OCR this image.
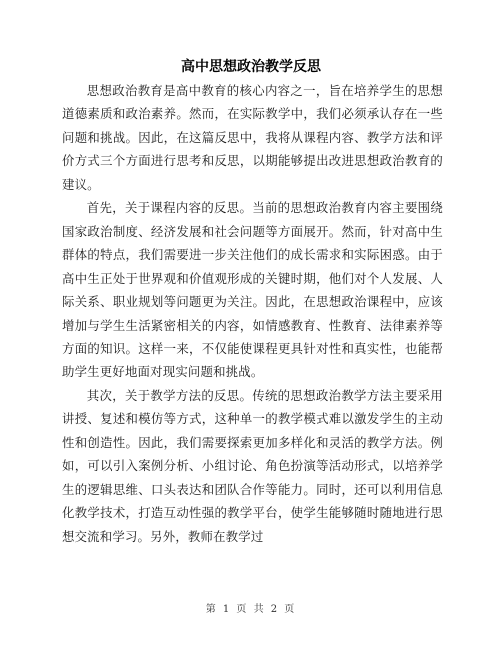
高中思想政治教学反思

思想政治教育是高中教育的核心内容之一，旨在培养学生的思想道德素质和政治素养。然而，在实际教学中，我们必须承认存在一些问题和挑战。因此，在这篇反思中，我将从课程内容、教学方法和评价方式三个方面进行思考和反思，以期能够提出改进思想政治教育的建议。

首先，关于课程内容的反思。当前的思想政治教育内容主要围绕国家政治制度、经济发展和社会问题等方面展开。然而，针对高中生群体的特点，我们需要进一步关注他们的成长需求和实际困惑。由于高中生正处于世界观和价值观形成的关键时期，他们对个人发展、人际关系、职业规划等问题更为关注。因此，在思想政治课程中，应该增加与学生生活紧密相关的内容，如情感教育、性教育、法律素养等方面的知识。这样一来，不仅能使课程更具针对性和真实性，也能帮助学生更好地面对现实问题和挑战。

其次，关于教学方法的反思。传统的思想政治教学方法主要采用讲授、复述和模仿等方式，这种单一的教学模式难以激发学生的主动性和创造性。因此，我们需要探索更加多样化和灵活的教学方法。例如，可以引入案例分析、小组讨论、角色扮演等活动形式，以培养学生的逻辑思维、口头表达和团队合作等能力。同时，还可以利用信息化教学技术，打造互动性强的教学平台，使学生能够随时随地进行思想交流和学习。另外，教师在教学过

第 1 页 共 2 页
